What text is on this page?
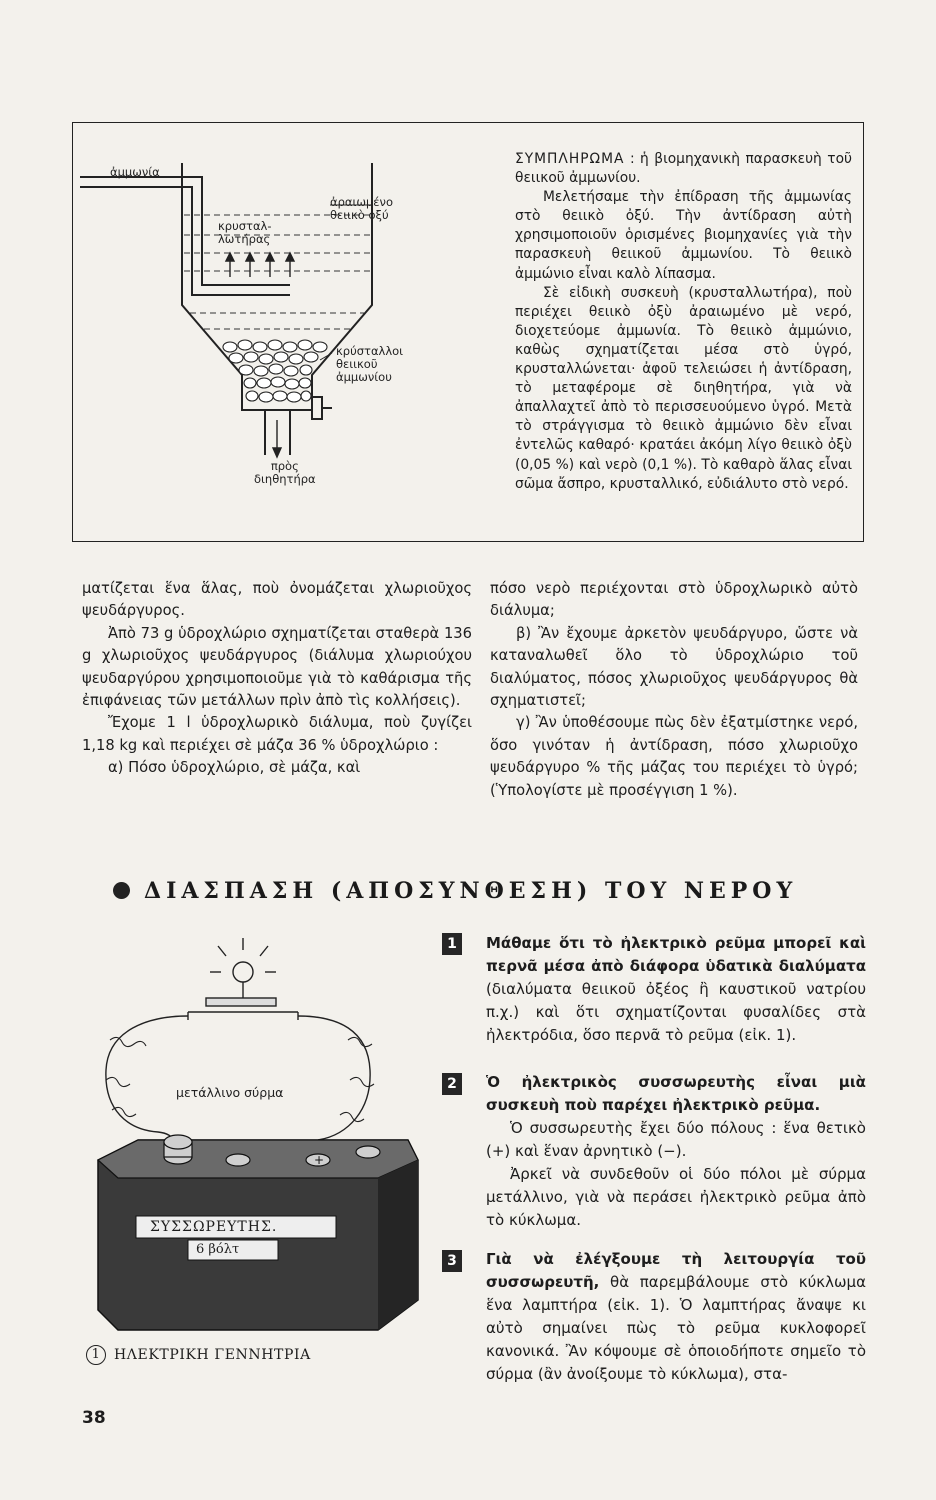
ἀμμωνία
κρυσταλ-
λωτήρας
ἀραιωμένο
θειικὸ ὀξύ
κρύσταλλοι
θειικοῦ
ἀμμωνίου
πρὸς
διηθητήρα

ΣΥΜΠΛΗΡΩΜΑ : ἡ βιομηχανικὴ παρασκευὴ τοῦ θειικοῦ ἀμμωνίου.

Μελετήσαμε τὴν ἐπίδραση τῆς ἀμμωνίας στὸ θειικὸ ὀξύ. Τὴν ἀντίδραση αὐτὴ χρησιμοποιοῦν ὁρισμένες βιομηχανίες γιὰ τὴν παρασκευὴ θειικοῦ ἀμμωνίου. Τὸ θειικὸ ἀμμώνιο εἶναι καλὸ λίπασμα.

Σὲ εἰδικὴ συσκευὴ (κρυσταλλωτήρα), ποὺ περιέχει θειικὸ ὀξὺ ἀραιωμένο μὲ νερό, διοχετεύομε ἀμμωνία. Τὸ θειικὸ ἀμμώνιο, καθὼς σχηματίζεται μέσα στὸ ὑγρό, κρυσταλλώνεται· ἀφοῦ τελειώσει ἡ ἀντίδραση, τὸ μεταφέρομε σὲ διηθητήρα, γιὰ νὰ ἀπαλλαχτεῖ ἀπὸ τὸ περισσευούμενο ὑγρό. Μετὰ τὸ στράγγισμα τὸ θειικὸ ἀμμώνιο δὲν εἶναι ἐντελῶς καθαρό· κρατάει ἀκόμη λίγο θειικὸ ὀξὺ (0,05 %) καὶ νερὸ (0,1 %). Τὸ καθαρὸ ἅλας εἶναι σῶμα ἄσπρο, κρυσταλλικό, εὐδιάλυτο στὸ νερό.

ματίζεται ἕνα ἅλας, ποὺ ὀνομάζεται χλωριοῦχος ψευδάργυρος.

Ἀπὸ 73 g ὑδροχλώριο σχηματίζεται σταθερὰ 136 g χλωριοῦχος ψευδάργυρος (διάλυμα χλωριούχου ψευδαργύρου χρησιμοποιοῦμε γιὰ τὸ καθάρισμα τῆς ἐπιφάνειας τῶν μετάλλων πρὶν ἀπὸ τὶς κολλήσεις).

Ἔχομε 1 l ὑδροχλωρικὸ διάλυμα, ποὺ ζυγίζει 1,18 kg καὶ περιέχει σὲ μάζα 36 % ὑδροχλώριο :

α) Πόσο ὑδροχλώριο, σὲ μάζα, καὶ

πόσο νερὸ περιέχονται στὸ ὑδροχλωρικὸ αὐτὸ διάλυμα;

β) Ἂν ἔχουμε ἀρκετὸν ψευδάργυρο, ὥστε νὰ καταναλωθεῖ ὅλο τὸ ὑδροχλώριο τοῦ διαλύματος, πόσος χλωριοῦχος ψευδάργυρος θὰ σχηματιστεῖ;

γ) Ἂν ὑποθέσουμε πὼς δὲν ἐξατμίστηκε νερό, ὅσο γινόταν ἡ ἀντίδραση, πόσο χλωριοῦχο ψευδάργυρο % τῆς μάζας του περιέχει τὸ ὑγρό; (Ὑπολογίστε μὲ προσέγγιση 1 %).

ΔΙΑΣΠΑΣΗ (ΑΠΟΣΥΝΘΕΣΗ) ΤΟΥ ΝΕΡΟΥ
+
μετάλλινο σύρμα
ΣΥΣΣΩΡΕΥΤΗΣ.
6 βόλτ
1 ΗΛΕΚΤΡΙΚΗ ΓΕΝΝΗΤΡΙΑ
1	Μάθαμε ὅτι τὸ ἠλεκτρικὸ ρεῦμα μπορεῖ καὶ περνᾶ μέσα ἀπὸ διάφορα ὑδατικὰ διαλύματα (διαλύματα θειικοῦ ὀξέος ἢ καυστικοῦ νατρίου π.χ.) καὶ ὅτι σχηματίζονται φυσαλίδες στὰ ἠλεκτρόδια, ὅσο περνᾶ τὸ ρεῦμα (εἰκ. 1).
2	Ὁ ἠλεκτρικὸς συσσωρευτὴς εἶναι μιὰ συσκευὴ ποὺ παρέχει ἠλεκτρικὸ ρεῦμα.

Ὁ συσσωρευτὴς ἔχει δύο πόλους : ἕνα θετικὸ (+) καὶ ἕναν ἀρνητικὸ (−).

Ἀρκεῖ νὰ συνδεθοῦν οἱ δύο πόλοι μὲ σύρμα μετάλλινο, γιὰ νὰ περάσει ἠλεκτρικὸ ρεῦμα ἀπὸ τὸ κύκλωμα.

3	Γιὰ νὰ ἐλέγξουμε τὴ λειτουργία τοῦ συσσωρευτῆ, θὰ παρεμβάλουμε στὸ κύκλωμα ἕνα λαμπτήρα (εἰκ. 1). Ὁ λαμπτήρας ἄναψε κι αὐτὸ σημαίνει πὼς τὸ ρεῦμα κυκλοφορεῖ κανονικά. Ἂν κόψουμε σὲ ὁποιοδήποτε σημεῖο τὸ σύρμα (ἂν ἀνοίξουμε τὸ κύκλωμα), στα-
38
